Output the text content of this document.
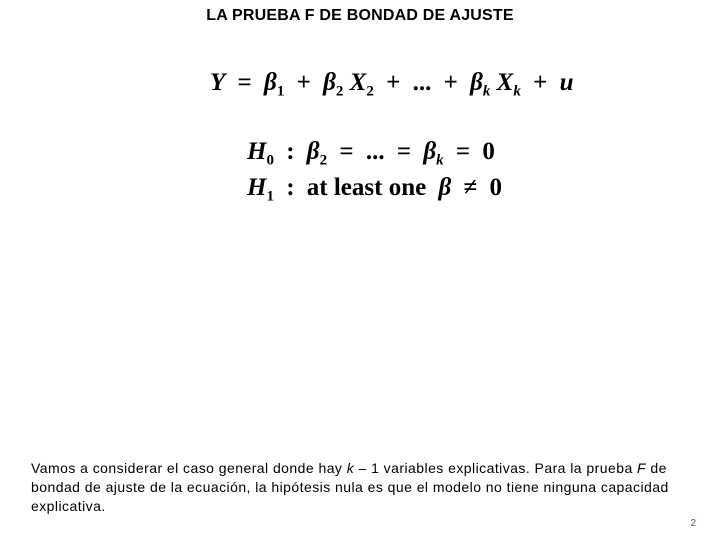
LA PRUEBA F DE BONDAD DE AJUSTE
$Y = \beta_1 + \beta_2$ $X_2$ + ... + $\beta_k$ $X_k + u$
$H_0$ : $\beta_2$ = ... = $\beta_k = 0$
$H_1$ : at least one β ≠ 0
Vamos a considerar el caso general donde hay k – 1 variables explicativas. Para la prueba F de bondad de ajuste de la ecuación, la hipótesis nula es que el modelo no tiene ninguna capacidad explicativa.
2
